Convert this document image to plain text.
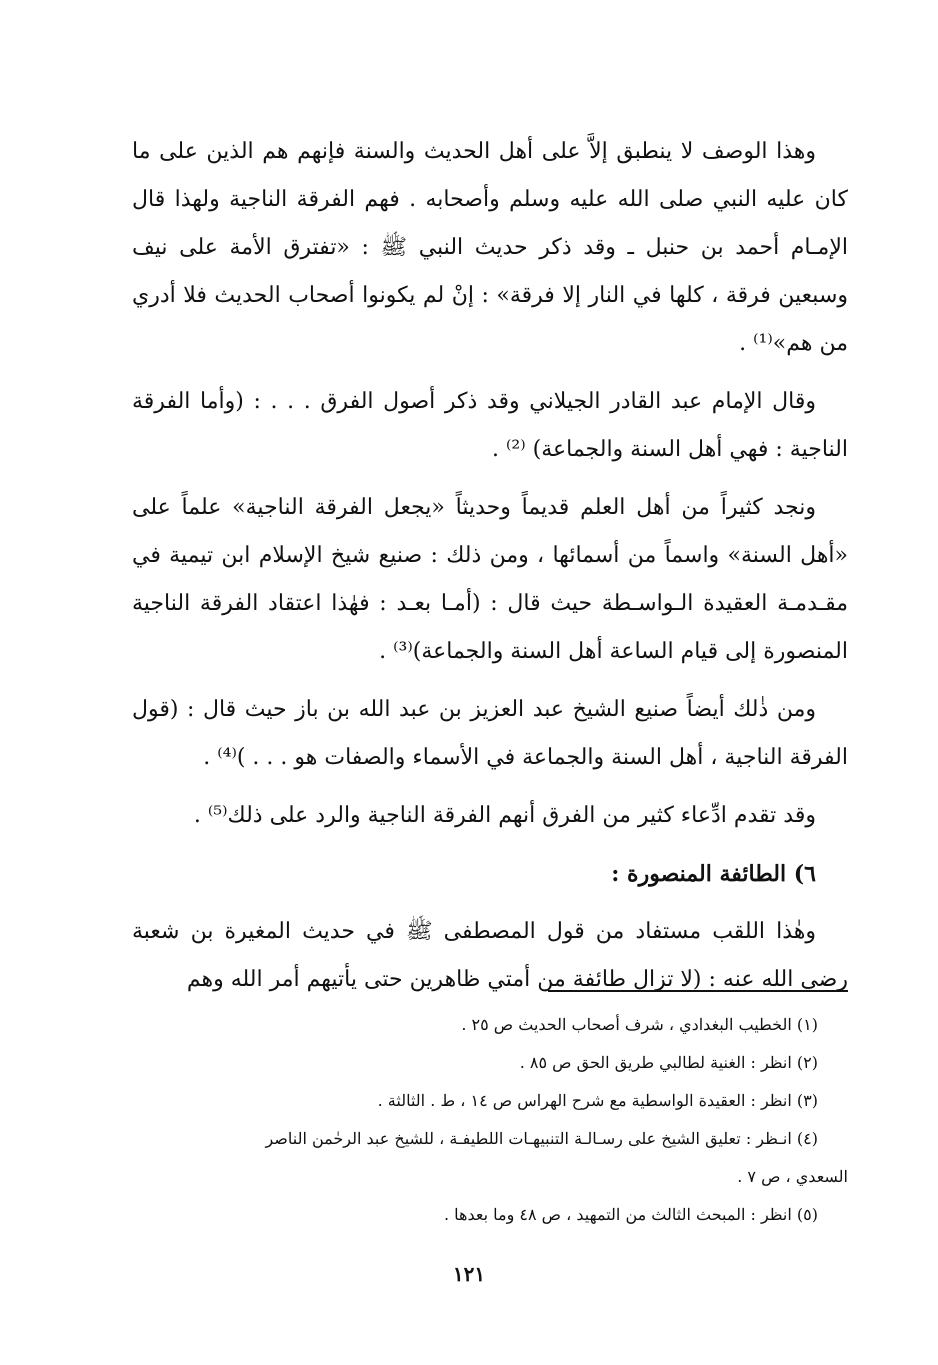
وهذا الوصف لا ينطبق إلاَّ على أهل الحديث والسنة فإنهم هم الذين على ما كان عليه النبي صلى الله عليه وسلم وأصحابه . فهم الفرقة الناجية ولهذا قال الإمـام أحمد بن حنبل ـ وقد ذكر حديث النبي ﷺ : «تفترق الأمة على نيف وسبعين فرقة ، كلها في النار إلا فرقة» : إنْ لم يكونوا أصحاب الحديث فلا أدري من هم»⁽¹⁾ .

وقال الإمام عبد القادر الجيلاني وقد ذكر أصول الفرق . . . : (وأما الفرقة الناجية : فهي أهل السنة والجماعة) ⁽²⁾ .

ونجد كثيراً من أهل العلم قديماً وحديثاً «يجعل الفرقة الناجية» علماً على «أهل السنة» واسماً من أسمائها ، ومن ذلك : صنيع شيخ الإسلام ابن تيمية في مقـدمـة العقيدة الـواسـطة حيث قال : (أمـا بعـد : فهٰذا اعتقاد الفرقة الناجية المنصورة إلى قيام الساعة أهل السنة والجماعة)⁽³⁾ .

ومن ذٰلك أيضاً صنيع الشيخ عبد العزيز بن عبد الله بن باز حيث قال : (قول الفرقة الناجية ، أهل السنة والجماعة في الأسماء والصفات هو . . . )⁽⁴⁾ .

وقد تقدم ادِّعاء كثير من الفرق أنهم الفرقة الناجية والرد على ذلك⁽⁵⁾ .

٦) الطائفة المنصورة :

وهٰذا اللقب مستفاد من قول المصطفى ﷺ في حديث المغيرة بن شعبة رضي الله عنه : (لا تزال طائفة من أمتي ظاهرين حتى يأتيهم أمر الله وهم

(١) الخطيب البغدادي ، شرف أصحاب الحديث ص ٢٥ .

(٢) انظر : الغنية لطالبي طريق الحق ص ٨٥ .

(٣) انظر : العقيدة الواسطية مع شرح الهراس ص ١٤ ، ط . الثالثة .

(٤) انـظر : تعليق الشيخ على رسـالـة التنبيهـات اللطيفـة ، للشيخ عبد الرحٰمن الناصر

السعدي ، ص ٧ .

(٥) انظر : المبحث الثالث من التمهيد ، ص ٤٨ وما بعدها .

١٢١
